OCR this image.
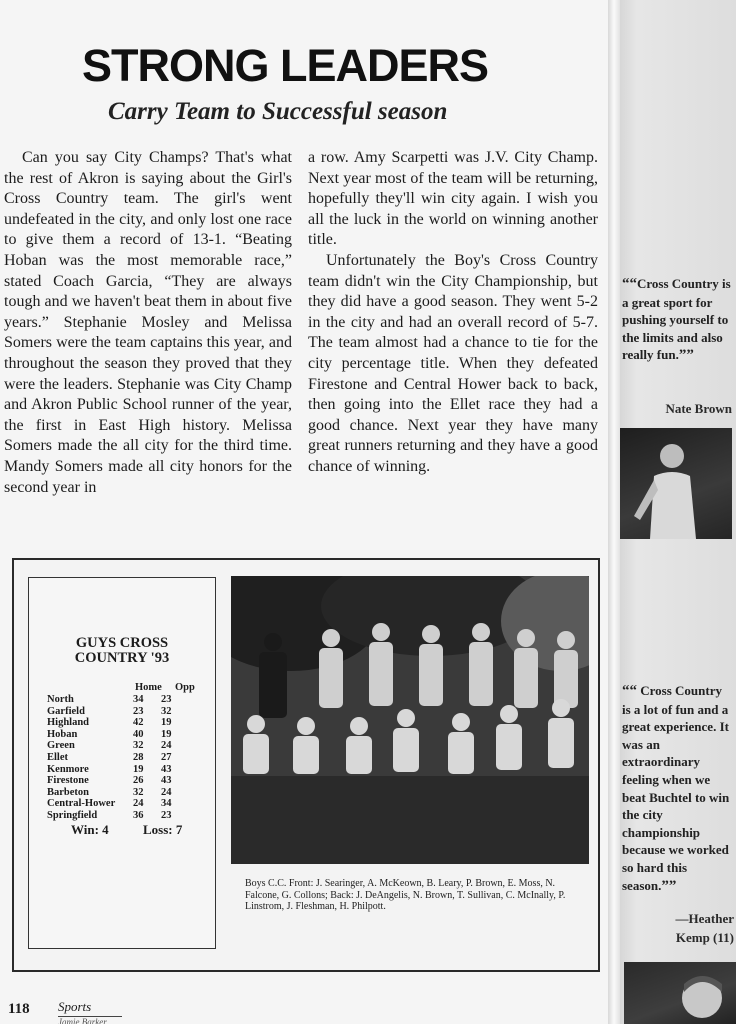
STRONG LEADERS
Carry Team to Successful season

Can you say City Champs? That's what the rest of Akron is saying about the Girl's Cross Country team. The girl's went undefeated in the city, and only lost one race to give them a record of 13-1. “Beating Hoban was the most memorable race,” stated Coach Garcia, “They are always tough and we haven't beat them in about five years.” Stephanie Mosley and Melissa Somers were the team captains this year, and throughout the season they proved that they were the leaders. Stephanie was City Champ and Akron Public School runner of the year, the first in East High history. Melissa Somers made the all city for the third time. Mandy Somers made all city honors for the second year in

a row. Amy Scarpetti was J.V. City Champ. Next year most of the team will be returning, hopefully they'll win city again. I wish you all the luck in the world on winning another title.

Unfortunately the Boy's Cross Country team didn't win the City Championship, but they did have a good season. They went 5-2 in the city and had an overall record of 5-7. The team almost had a chance to tie for the city percentage title. When they defeated Firestone and Central Hower back to back, then going into the Ellet race they had a good chance. Next year they have many great runners returning and they have a good chance of winning.

GUYS CROSS
COUNTRY '93
Home Opp
North	34 23
Garfield	23 32
Highland	42 19
Hoban	40 19
Green	32 24
Ellet	28 27
Kenmore	19 43
Firestone	26 43
Barbeton	32 24
Central-Hower 24 34
Springfield	36 23
Win: 4	Loss: 7
Boys C.C. Front: J. Searinger, A. McKeown, B. Leary, P. Brown, E. Moss, N. Falcone, G. Collons; Back: J. DeAngelis, N. Brown, T. Sullivan, C. McInally, P. Linstrom, J. Fleshman, H. Philpott.
““Cross Country is a great sport for pushing yourself to the limits and also really fun.””
Nate Brown
““ Cross Country is a lot of fun and a great experience. It was an extraordinary feeling when we beat Buchtel to win the city championship because we worked so hard this season.””
—Heather
Kemp (11)
118 Sports
Jamie Barker
